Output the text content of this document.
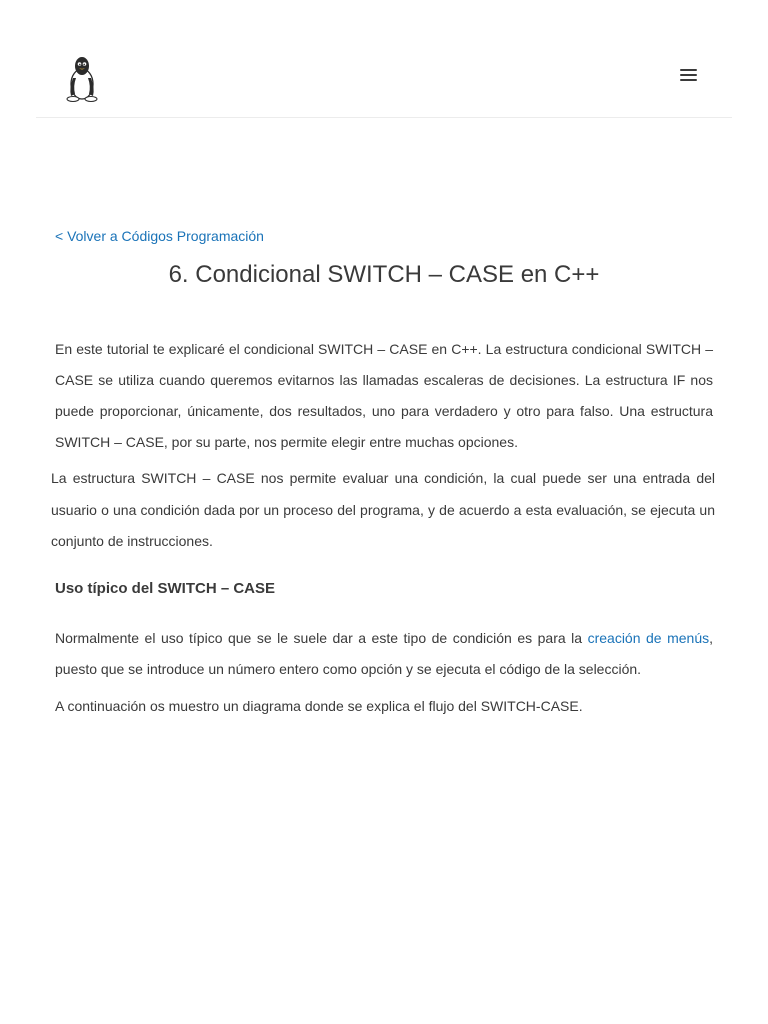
< Volver a Códigos Programación
6. Condicional SWITCH – CASE en C++

En este tutorial te explicaré el condicional SWITCH – CASE en C++. La estructura condicional SWITCH – CASE se utiliza cuando queremos evitarnos las llamadas escaleras de decisiones. La estructura IF nos puede proporcionar, únicamente, dos resultados, uno para verdadero y otro para falso. Una estructura SWITCH – CASE, por su parte, nos permite elegir entre muchas opciones.

La estructura SWITCH – CASE nos permite evaluar una condición, la cual puede ser una entrada del usuario o una condición dada por un proceso del programa, y de acuerdo a esta evaluación, se ejecuta un conjunto de instrucciones.

Uso típico del SWITCH – CASE

Normalmente el uso típico que se le suele dar a este tipo de condición es para la creación de menús, puesto que se introduce un número entero como opción y se ejecuta el código de la selección.

A continuación os muestro un diagrama donde se explica el flujo del SWITCH-CASE.
